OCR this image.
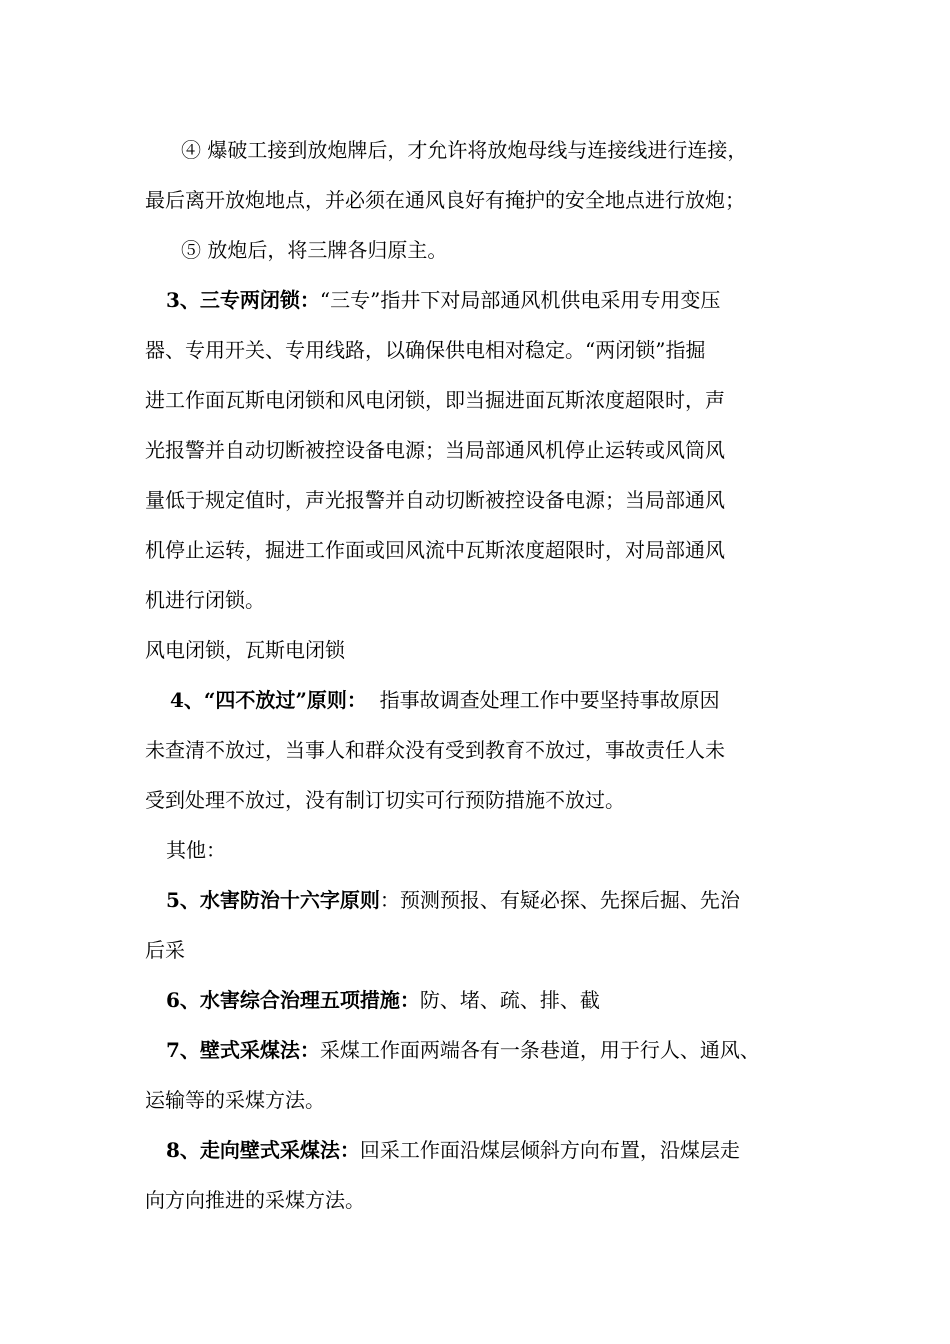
④ 爆破工接到放炮牌后，才允许将放炮母线与连接线进行连接，
最后离开放炮地点，并必须在通风良好有掩护的安全地点进行放炮；
⑤ 放炮后，将三牌各归原主。
3、三专两闭锁：“三专”指井下对局部通风机供电采用专用变压
器、专用开关、专用线路，以确保供电相对稳定。“两闭锁”指掘
进工作面瓦斯电闭锁和风电闭锁，即当掘进面瓦斯浓度超限时，声
光报警并自动切断被控设备电源；当局部通风机停止运转或风筒风
量低于规定值时，声光报警并自动切断被控设备电源；当局部通风
机停止运转，掘进工作面或回风流中瓦斯浓度超限时，对局部通风
机进行闭锁。
风电闭锁，瓦斯电闭锁
4、“四不放过”原则：  指事故调查处理工作中要坚持事故原因
未查清不放过，当事人和群众没有受到教育不放过，事故责任人未
受到处理不放过，没有制订切实可行预防措施不放过。
其他：
5、水害防治十六字原则：预测预报、有疑必探、先探后掘、先治
后采
6、水害综合治理五项措施：防、堵、疏、排、截
7、壁式采煤法：采煤工作面两端各有一条巷道，用于行人、通风、
运输等的采煤方法。
8、走向壁式采煤法：回采工作面沿煤层倾斜方向布置，沿煤层走
向方向推进的采煤方法。
